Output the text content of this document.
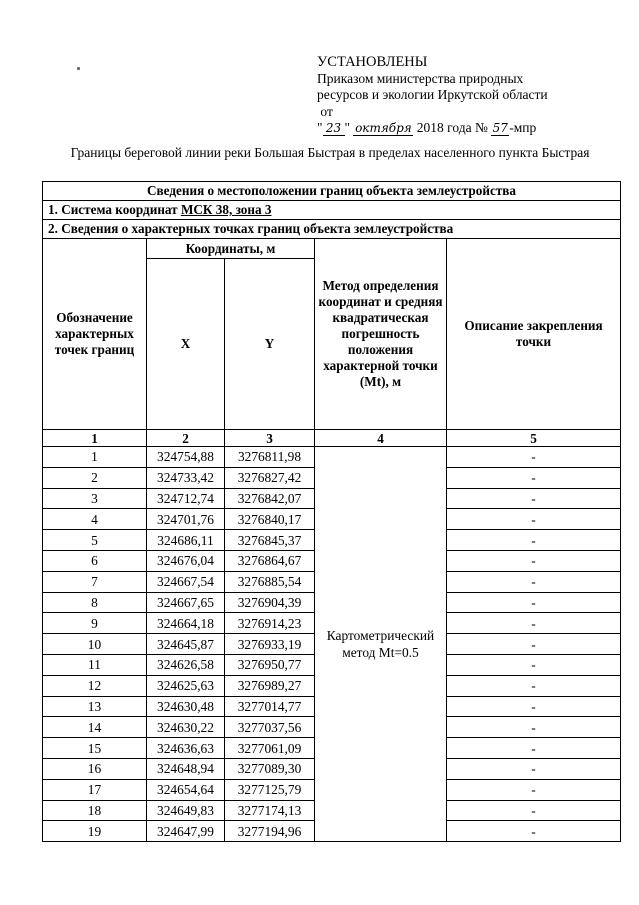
УСТАНОВЛЕНЫ
Приказом министерства природных
ресурсов и экологии Иркутской области
от
" 23 " октября 2018 года № 57-мпр
Границы береговой линии реки Большая Быстрая в пределах населенного пункта Быстрая
Сведения о местоположении границ объекта землеустройства				
1. Система координат МСК 38, зона 3				
2. Сведения о характерных точках границ объекта землеустройства				
Обозначение характерных точек границ	Координаты, м		Метод определения координат и средняя квадратическая погрешность положения характерной точки (Mt), м	Описание закрепления точки
	X	Y		
1	2	3	4	5
1	324754,88	3276811,98	Картометрический метод Mt=0.5	-
2	324733,42	3276827,42		-
3	324712,74	3276842,07		-
4	324701,76	3276840,17		-
5	324686,11	3276845,37		-
6	324676,04	3276864,67		-
7	324667,54	3276885,54		-
8	324667,65	3276904,39		-
9	324664,18	3276914,23		-
10	324645,87	3276933,19		-
11	324626,58	3276950,77		-
12	324625,63	3276989,27		-
13	324630,48	3277014,77		-
14	324630,22	3277037,56		-
15	324636,63	3277061,09		-
16	324648,94	3277089,30		-
17	324654,64	3277125,79		-
18	324649,83	3277174,13		-
19	324647,99	3277194,96		-
